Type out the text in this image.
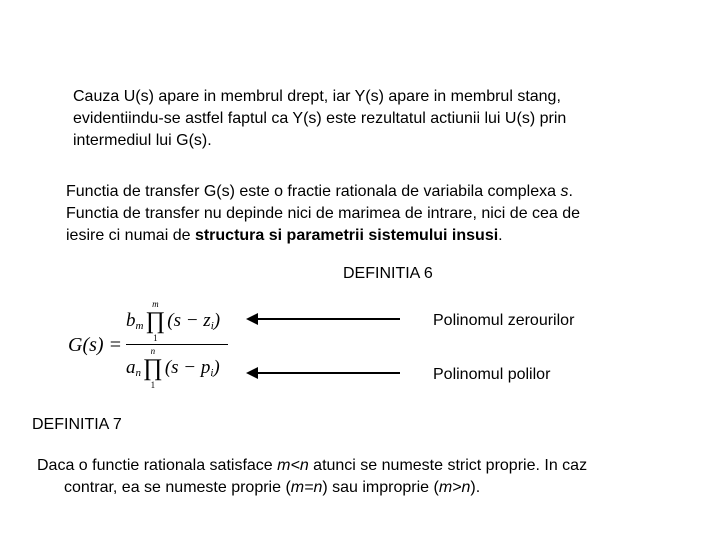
Cauza U(s) apare in membrul drept, iar Y(s) apare in membrul stang,
evidentiindu-se astfel faptul ca Y(s) este rezultatul actiunii lui U(s) prin
intermediul lui G(s).
Functia de transfer G(s) este o fractie rationala de variabila complexa s.
Functia de transfer nu depinde nici de marimea de intrare, nici de cea de
iesire ci numai de structura si parametrii sistemului insusi.
DEFINITIA 6
G(s) =
$b_m$
m
∏
1
$(s - z_i)$
$a_n$
n
∏
1
$(s - p_i)$
Polinomul zerourilor
Polinomul polilor
DEFINITIA 7
Daca o functie rationala satisface m<n atunci se numeste strict proprie. In caz
contrar, ea se numeste proprie (m=n) sau improprie (m>n).
